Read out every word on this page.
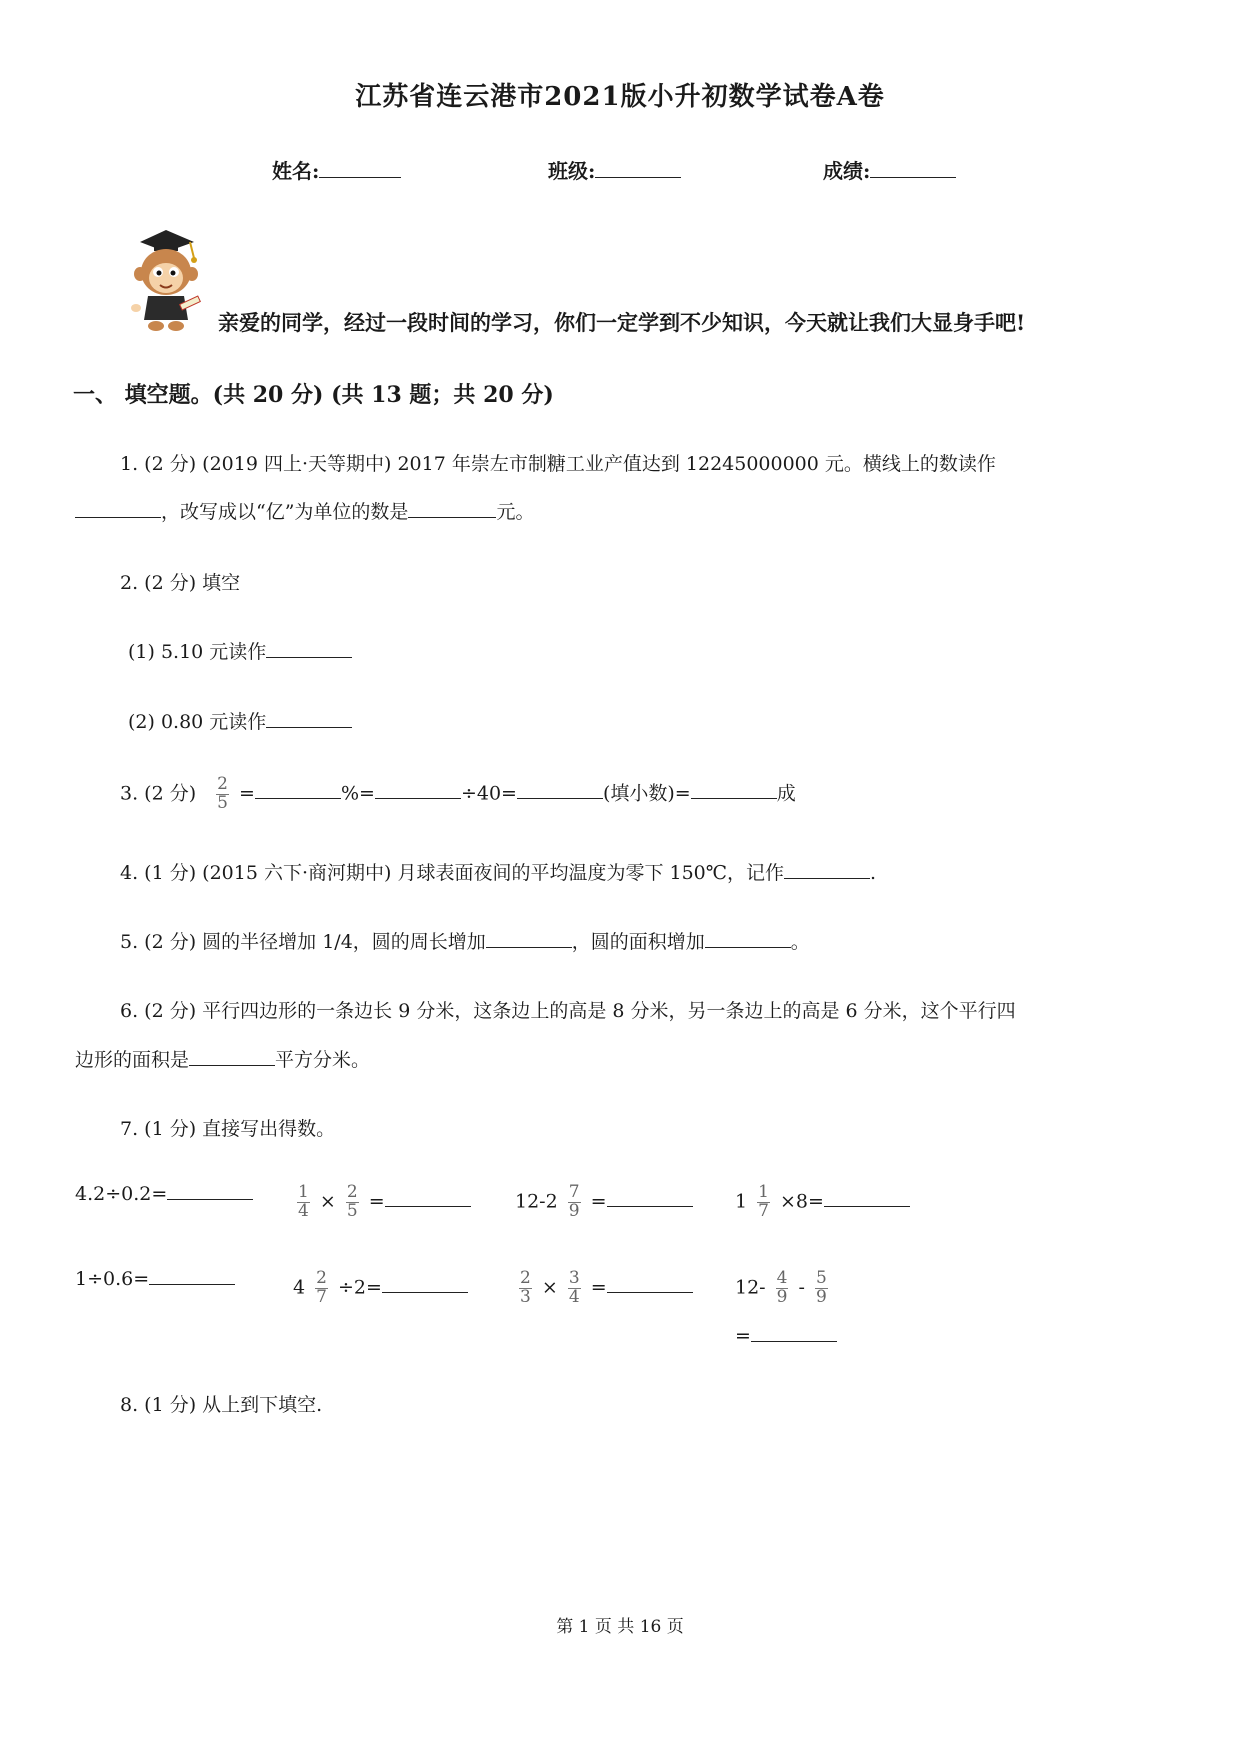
江苏省连云港市2021版小升初数学试卷A卷
姓名:	班级:	成绩:
亲爱的同学，经过一段时间的学习，你们一定学到不少知识，今天就让我们大显身手吧!
一、 填空题。(共 20 分) (共 13 题；共 20 分)
1. (2 分) (2019 四上·天等期中) 2017 年崇左市制糖工业产值达到 12245000000 元。横线上的数读作
，改写成以“亿”为单位的数是	元。
2. (2 分) 填空
(1) 5.10 元读作
(2) 0.80 元读作
3. (2 分) $\frac{2}{5}$ =	%=	÷40=	(填小数)=	成
4. (1 分) (2015 六下·商河期中) 月球表面夜间的平均温度为零下 150℃，记作	.
5. (2 分) 圆的半径增加 1/4，圆的周长增加	，圆的面积增加	。
6. (2 分) 平行四边形的一条边长 9 分米，这条边上的高是 8 分米，另一条边上的高是 6 分米，这个平行四
边形的面积是	平方分米。
7. (1 分) 直接写出得数。
4.2÷0.2=	$\frac{1}{4} \times \frac{2}{5}$ =	$12-2 \frac{7}{9}$ =	$1 \frac{1}{7} \times 8=$
1÷0.6=	$4 \frac{2}{7} \div 2=$	$\frac{2}{3} \times \frac{3}{4}$ =	$12- \frac{4}{9} - \frac{5}{9}$
=
8. (1 分) 从上到下填空.
第 1 页 共 16 页
